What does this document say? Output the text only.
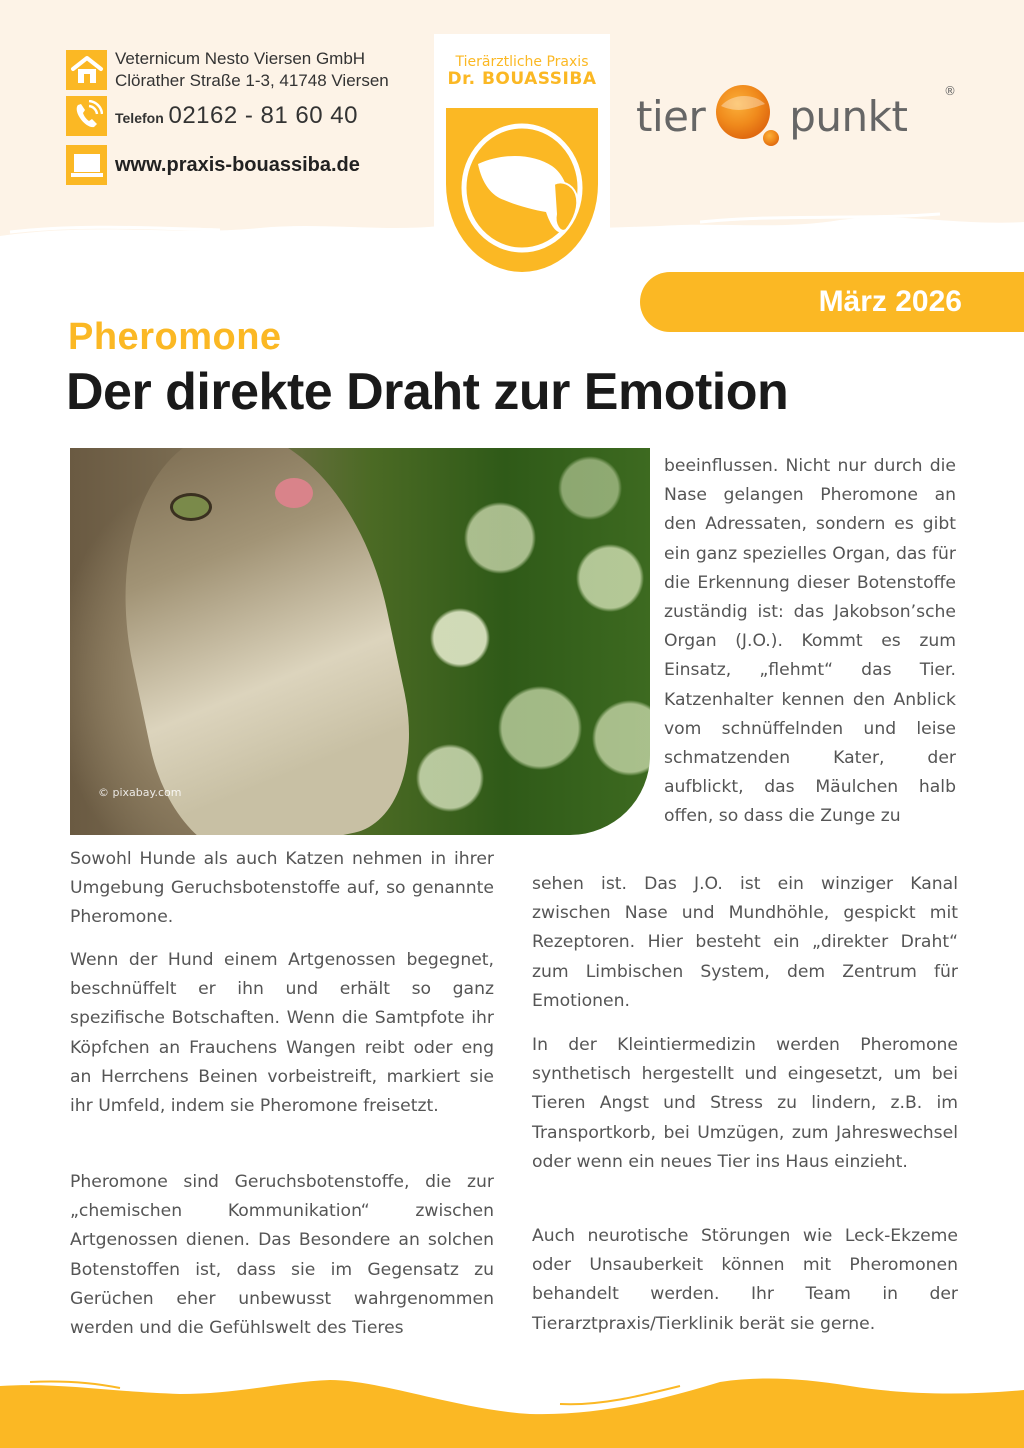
Veternicum Nesto Viersen GmbH
Clörather Straße 1-3, 41748 Viersen
Telefon 02162 - 81 60 40
www.praxis-bouassiba.de
Tierärztliche Praxis
Dr. BOUASSIBA
tier punkt
®
März 2026
Pheromone
Der direkte Draht zur Emotion
© pixabay.com

beeinflussen. Nicht nur durch die Nase gelangen Pheromone an den Adressaten, sondern es gibt ein ganz spezielles Organ, das für die Erkennung dieser Botenstoffe zuständig ist: das Jakobson’sche Organ (J.O.). Kommt es zum Einsatz, „flehmt“ das Tier. Katzenhalter kennen den Anblick vom schnüffelnden und leise schmatzenden Kater, der aufblickt, das Mäulchen halb offen, so dass die Zunge zu

Sowohl Hunde als auch Katzen nehmen in ihrer Umgebung Geruchsbotenstoffe auf, so genannte Pheromone.

Wenn der Hund einem Artgenossen begegnet, beschnüffelt er ihn und erhält so ganz spezifische Botschaften. Wenn die Samtpfote ihr Köpfchen an Frauchens Wangen reibt oder eng an Herrchens Beinen vorbeistreift, markiert sie ihr Umfeld, indem sie Pheromone freisetzt.

Pheromone sind Geruchsbotenstoffe, die zur „chemischen Kommunikation“ zwischen Artgenossen dienen. Das Besondere an solchen Botenstoffen ist, dass sie im Gegensatz zu Gerüchen eher unbewusst wahrgenommen werden und die Gefühlswelt des Tieres

sehen ist. Das J.O. ist ein winziger Kanal zwischen Nase und Mundhöhle, gespickt mit Rezeptoren. Hier besteht ein „direkter Draht“ zum Limbischen System, dem Zentrum für Emotionen.

In der Kleintiermedizin werden Pheromone synthetisch hergestellt und eingesetzt, um bei Tieren Angst und Stress zu lindern, z.B. im Transportkorb, bei Umzügen, zum Jahreswechsel oder wenn ein neues Tier ins Haus einzieht.

Auch neurotische Störungen wie Leck-Ekzeme oder Unsauberkeit können mit Pheromonen behandelt werden. Ihr Team in der Tierarztpraxis/Tierklinik berät sie gerne.
